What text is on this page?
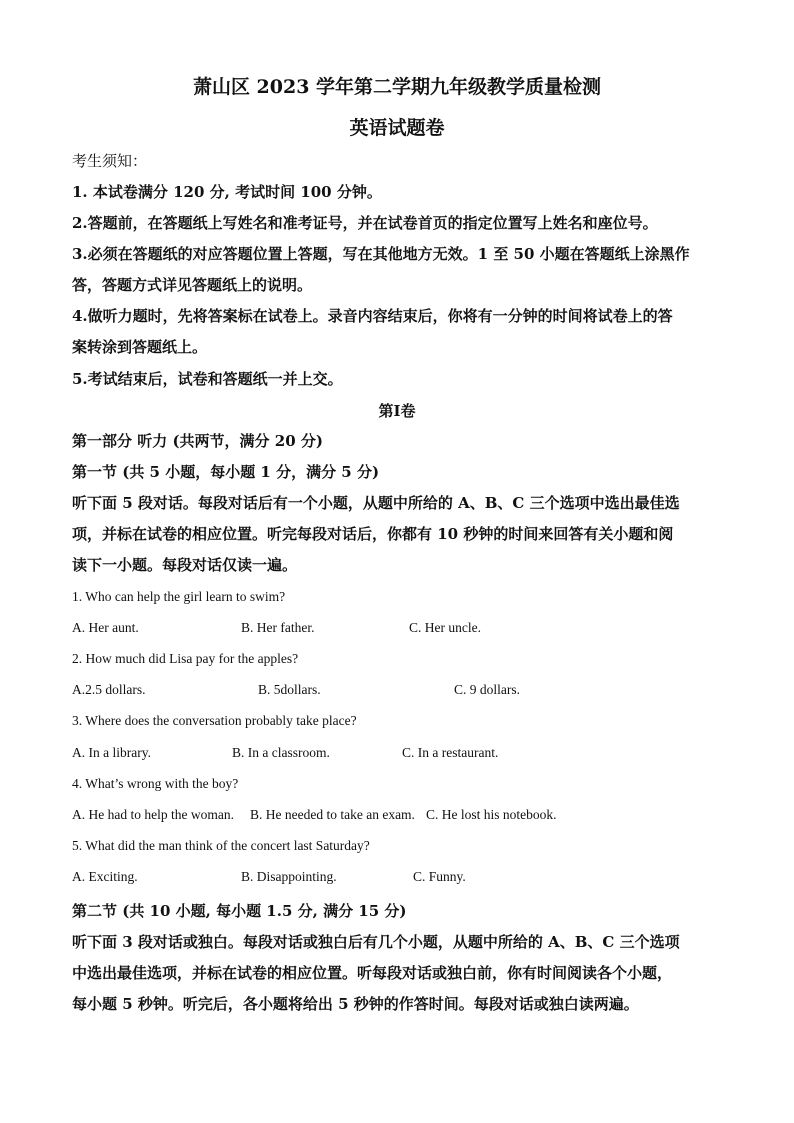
萧山区 2023 学年第二学期九年级教学质量检测
英语试题卷
考生须知：
1. 本试卷满分 120 分, 考试时间 100 分钟。
2.答题前，在答题纸上写姓名和准考证号，并在试卷首页的指定位置写上姓名和座位号。
3.必须在答题纸的对应答题位置上答题，写在其他地方无效。1 至 50 小题在答题纸上涂黑作
答，答题方式详见答题纸上的说明。
4.做听力题时，先将答案标在试卷上。录音内容结束后，你将有一分钟的时间将试卷上的答
案转涂到答题纸上。
5.考试结束后，试卷和答题纸一并上交。
第Ⅰ卷
第一部分 听力 (共两节，满分 20 分)
第一节 (共 5 小题，每小题 1 分，满分 5 分)
听下面 5 段对话。每段对话后有一个小题，从题中所给的 A、B、C 三个选项中选出最佳选
项，并标在试卷的相应位置。听完每段对话后，你都有 10 秒钟的时间来回答有关小题和阅
读下一小题。每段对话仅读一遍。
1. Who can help the girl learn to swim?
A. Her aunt.	B. Her father.	C. Her uncle.
2. How much did Lisa pay for the apples?
A.2.5 dollars.	B. 5dollars.	C. 9 dollars.
3. Where does the conversation probably take place?
A. In a library.	B. In a classroom.	C. In a restaurant.
4. What’s wrong with the boy?
A. He had to help the woman. B. He needed to take an exam. C. He lost his notebook.
5. What did the man think of the concert last Saturday?
A. Exciting.	B. Disappointing.	C. Funny.
第二节 (共 10 小题, 每小题 1.5 分, 满分 15 分)
听下面 3 段对话或独白。每段对话或独白后有几个小题，从题中所给的 A、B、C 三个选项
中选出最佳选项，并标在试卷的相应位置。听每段对话或独白前，你有时间阅读各个小题，
每小题 5 秒钟。听完后，各小题将给出 5 秒钟的作答时间。每段对话或独白读两遍。
